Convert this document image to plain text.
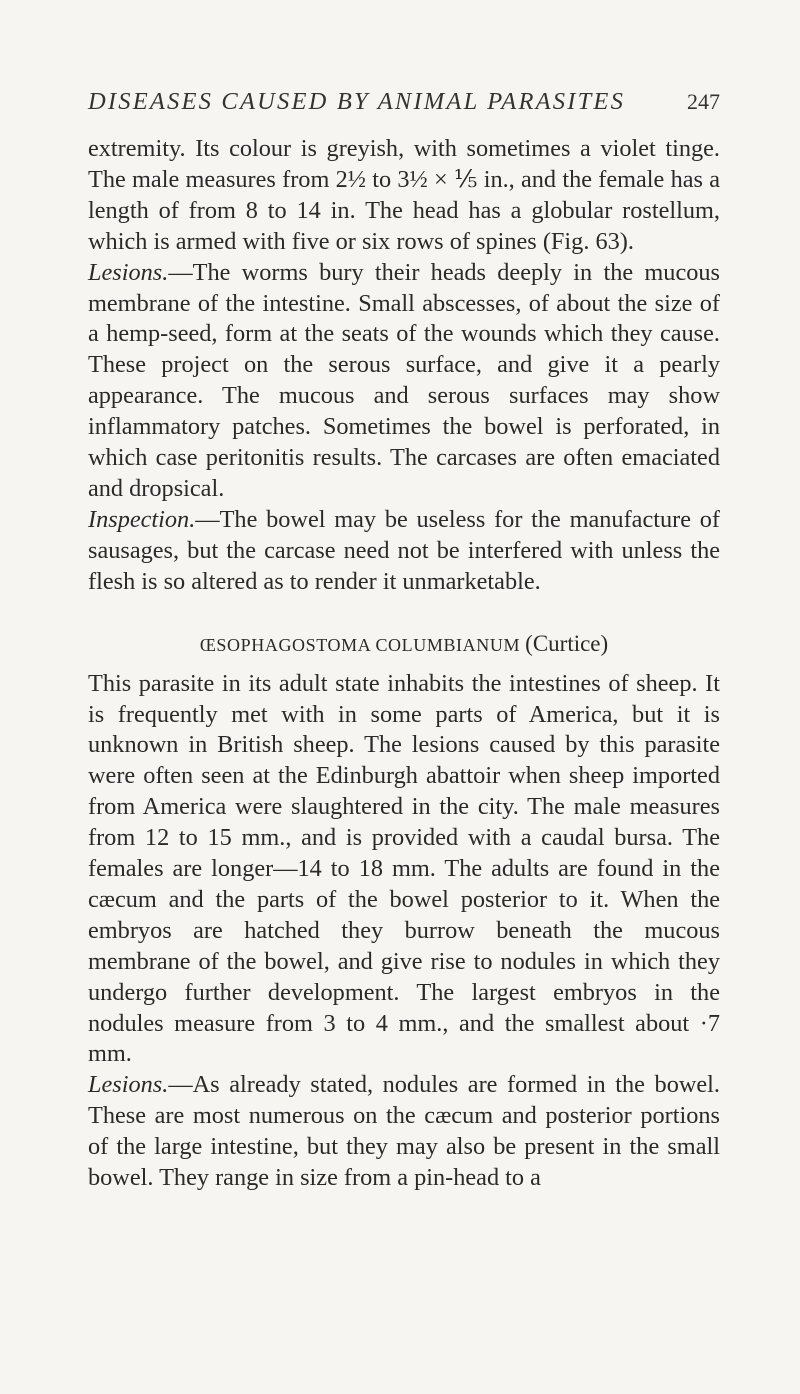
DISEASES CAUSED BY ANIMAL PARASITES	247

extremity. Its colour is greyish, with sometimes a violet tinge. The male measures from 2½ to 3½ × ⅕ in., and the female has a length of from 8 to 14 in. The head has a globular rostellum, which is armed with five or six rows of spines (Fig. 63).

Lesions.—The worms bury their heads deeply in the mucous membrane of the intestine. Small abscesses, of about the size of a hemp-seed, form at the seats of the wounds which they cause. These project on the serous surface, and give it a pearly appearance. The mucous and serous surfaces may show inflammatory patches. Sometimes the bowel is perforated, in which case peritonitis results. The carcases are often emaciated and dropsical.

Inspection.—The bowel may be useless for the manufacture of sausages, but the carcase need not be interfered with unless the flesh is so altered as to render it unmarketable.

ŒSOPHAGOSTOMA COLUMBIANUM (Curtice)

This parasite in its adult state inhabits the intestines of sheep. It is frequently met with in some parts of America, but it is unknown in British sheep. The lesions caused by this parasite were often seen at the Edinburgh abattoir when sheep imported from America were slaughtered in the city. The male measures from 12 to 15 mm., and is provided with a caudal bursa. The females are longer—14 to 18 mm. The adults are found in the cæcum and the parts of the bowel posterior to it. When the embryos are hatched they burrow beneath the mucous membrane of the bowel, and give rise to nodules in which they undergo further development. The largest embryos in the nodules measure from 3 to 4 mm., and the smallest about ·7 mm.

Lesions.—As already stated, nodules are formed in the bowel. These are most numerous on the cæcum and posterior portions of the large intestine, but they may also be present in the small bowel. They range in size from a pin-head to a
